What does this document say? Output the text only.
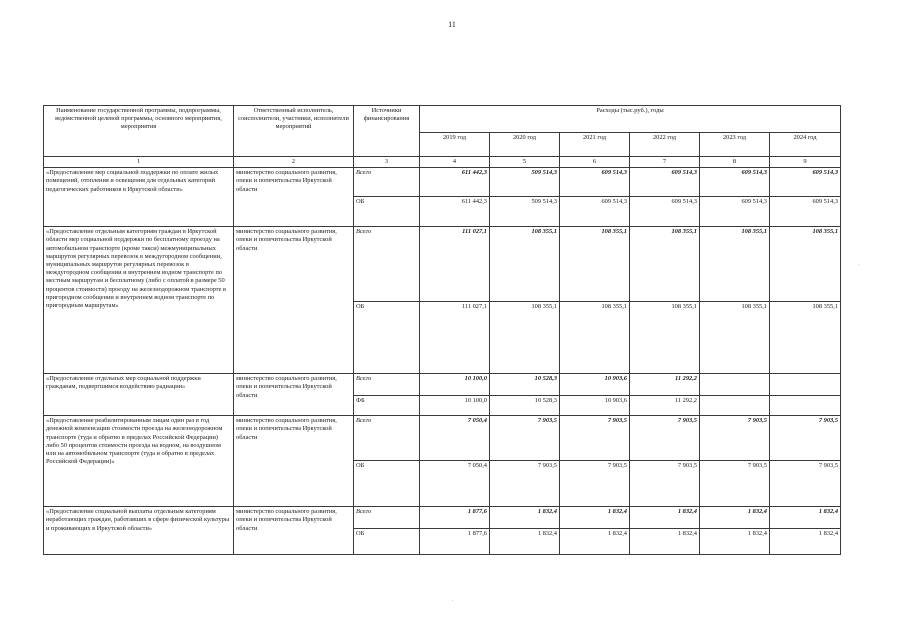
11
Наименование государственной программы, подпрограммы, ведомственной целевой программы, основного мероприятия, мероприятия	Ответственный исполнитель, соисполнители, участники, исполнители мероприятий	Источники финансирования	Расходы (тыс.руб.), годы					
			2019 год	2020 год	2021 год	2022 год	2023 год	2024 год
1	2	3	4	5	6	7	8	9
«Предоставление мер социальной поддержки по оплате жилых помещений, отопления и освещения для отдельных категорий педагогических работников в Иркутской области»	министерство социального развития, опеки и попечительства Иркутской области	Всего	611 442,3	509 514,3	609 514,3	609 514,3	609 514,3	609 514,3
		ОБ	611 442,3	509 514,3	609 514,3	609 514,3	609 514,3	609 514,3
«Предоставление отдельным категориям граждан в Иркутской области мер социальной поддержки по бесплатному проезду на автомобильном транспорте (кроме такси) межмуниципальных маршрутов регулярных перевозок в междугородном сообщении, муниципальных маршрутов регулярных перевозок в междугородном сообщении и внутреннем водном транспорте по местным маршрутам и бесплатному (либо с оплатой в размере 50 процентов стоимости) проезду на железнодорожном транспорте в пригородном сообщении и внутреннем водном транспорте по пригородным маршрутам»	министерство социального развития, опеки и попечительства Иркутской области	Всего	111 027,1	108 355,1	108 355,1	108 355,1	108 355,1	108 355,1
		ОБ	111 027,1	108 355,1	108 355,1	108 355,1	108 355,1	108 355,1
«Предоставление отдельных мер социальной поддержки гражданам, подвергшимся воздействию радиации»	министерство социального развития, опеки и попечительства Иркутской области	Всего	10 100,0	10 528,3	10 903,6	11 292,2		
		ФБ	10 100,0	10 528,3	10 903,6	11 292,2		
«Предоставление реабилитированным лицам один раз в год денежной компенсации стоимости проезда на железнодорожном транспорте (туда и обратно в пределах Российской Федерации) либо 50 процентов стоимости проезда на водном, на воздушном или на автомобильном транспорте (туда и обратно в пределах Российской Федерации)»	министерство социального развития, опеки и попечительства Иркутской области	Всего	7 050,4	7 903,5	7 903,5	7 903,5	7 903,5	7 903,5
		ОБ	7 050,4	7 903,5	7 903,5	7 903,5	7 903,5	7 903,5
«Предоставление социальной выплаты отдельным категориям неработающих граждан, работавших в сфере физической культуры и проживающих в Иркутской области»	министерство социального развития, опеки и попечительства Иркутской области	Всего	1 877,6	1 832,4	1 832,4	1 832,4	1 832,4	1 832,4
		ОБ	1 877,6	1 832,4	1 832,4	1 832,4	1 832,4	1 832,4
.
·
